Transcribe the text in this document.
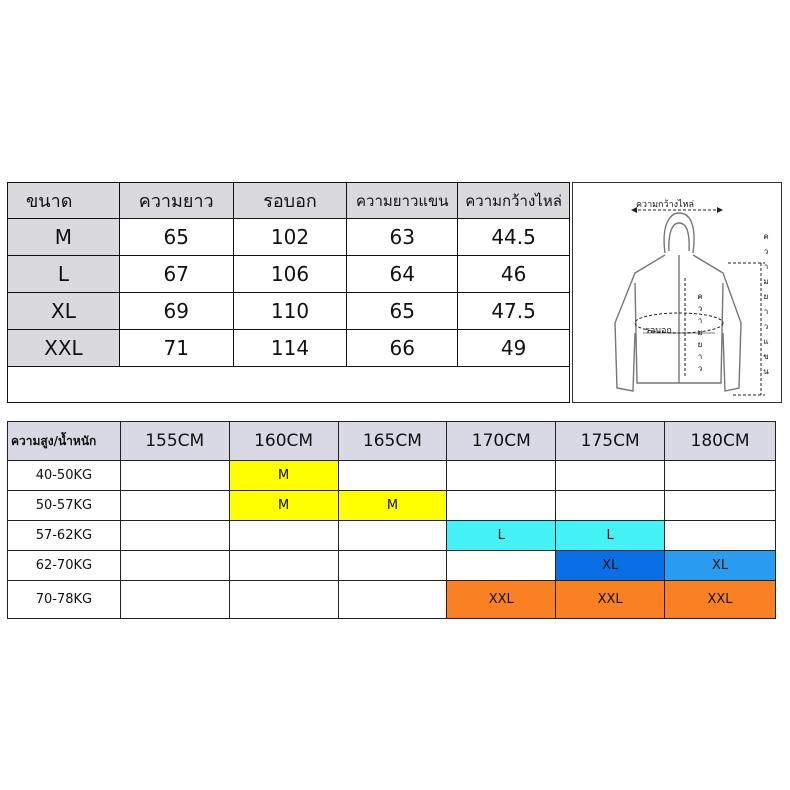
ขนาด	ความยาว	รอบอก	ความยาวแขน	ความกว้างไหล่
M	65	102	63	44.5
L	67	106	64	46
XL	69	110	65	47.5
XXL	71	114	66	49
ความกว้างไหล่
รอบอก
ค
ว
า
ม
ย
า
ว
ค
ว
า
ม
ย
า
ว
แ
ข
น
ความสูง/น้ำหนัก	155CM	160CM	165CM	170CM	175CM	180CM
40-50KG		M				
50-57KG		M	M			
57-62KG				L	L	
62-70KG					XL	XL
70-78KG				XXL	XXL	XXL
